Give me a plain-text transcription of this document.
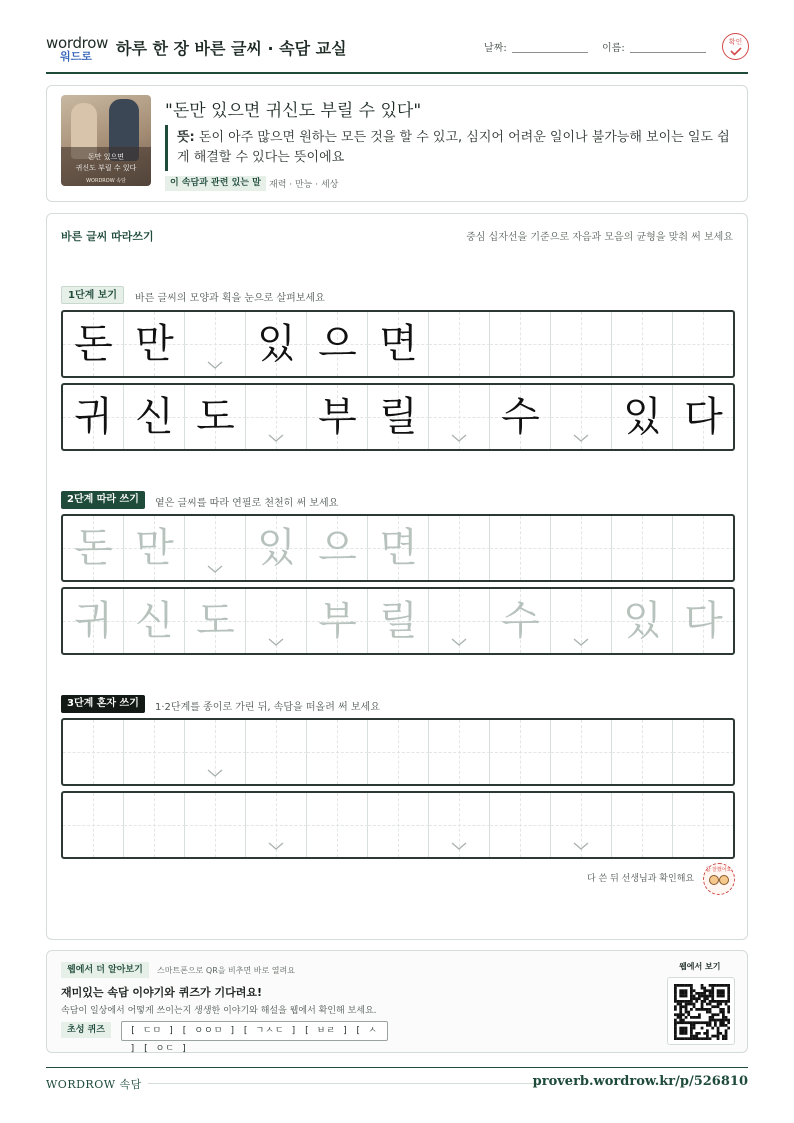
wordrow
워드로 하루 한 장 바른 글씨 · 속담 교실	날짜:	이름:
확인
돈만 있으면
귀신도 부릴 수 있다
WORDROW 속담
"돈만 있으면 귀신도 부릴 수 있다"
뜻: 돈이 아주 많으면 원하는 모든 것을 할 수 있고, 심지어 어려운 일이나 불가능해 보이는 일도 쉽게 해결할 수 있다는 뜻이에요
이 속담과 관련 있는 말 재력 · 만능 · 세상
바른 글씨 따라쓰기	중심 십자선을 기준으로 자음과 모음의 균형을 맞춰 써 보세요
1단계 보기	바른 글씨의 모양과 획을 눈으로 살펴보세요
돈 만 있 으 면
귀 신 도 부 릴 수 있 다
2단계 따라 쓰기	옅은 글씨를 따라 연필로 천천히 써 보세요
돈 만 있 으 면
귀 신 도 부 릴 수 있 다
3단계 혼자 쓰기	1·2단계를 종이로 가린 뒤, 속담을 떠올려 써 보세요
다 쓴 뒤 선생님과 확인해요
참 잘했어요
웹에서 더 알아보기	스마트폰으로 QR을 비추면 바로 열려요
재미있는 속담 이야기와 퀴즈가 기다려요!
속담이 일상에서 어떻게 쓰이는지 생생한 이야기와 해설을 웹에서 확인해 보세요.
초성 퀴즈	[ ㄷㅁ ] [ ㅇㅇㅁ ] [ ㄱㅅㄷ ] [ ㅂㄹ ] [ ㅅ ] [ ㅇㄷ ]
웹에서 보기
WORDROW 속담	proverb.wordrow.kr/p/526810
